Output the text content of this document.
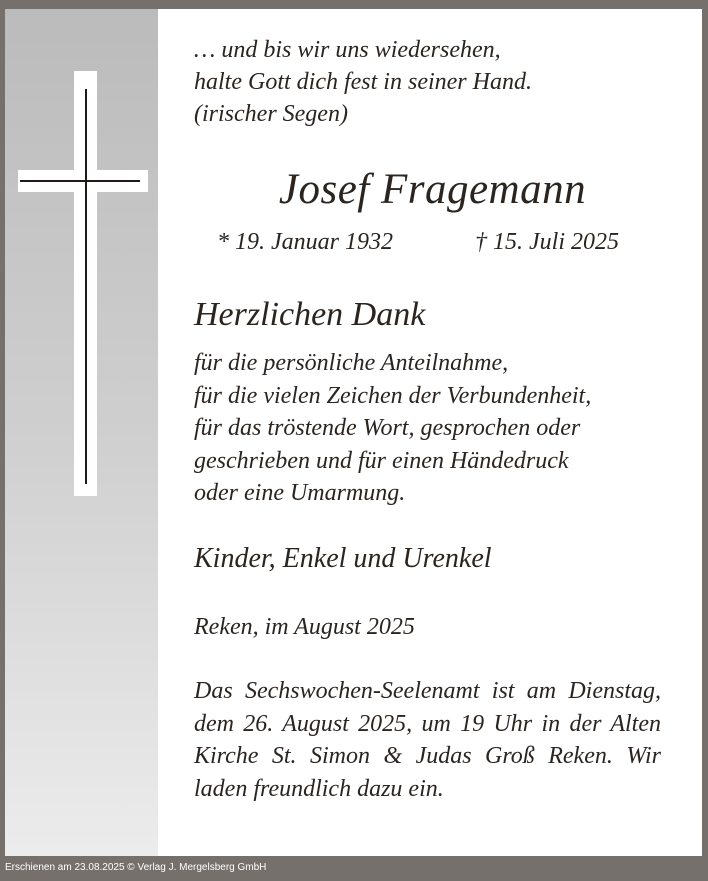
… und bis wir uns wiedersehen,
halte Gott dich fest in seiner Hand.
(irischer Segen)

Josef Fragemann

* 19. Januar 1932	† 15. Juli 2025

Herzlichen Dank

für die persönliche Anteilnahme,
für die vielen Zeichen der Verbundenheit,
für das tröstende Wort, gesprochen oder
geschrieben und für einen Händedruck
oder eine Umarmung.

Kinder, Enkel und Urenkel

Reken, im August 2025

Das Sechswochen-Seelenamt ist am Dienstag, dem 26. August 2025, um 19 Uhr in der Alten Kirche St. Simon & Judas Groß Reken. Wir laden freundlich dazu ein.

Erschienen am 23.08.2025 © Verlag J. Mergelsberg GmbH
